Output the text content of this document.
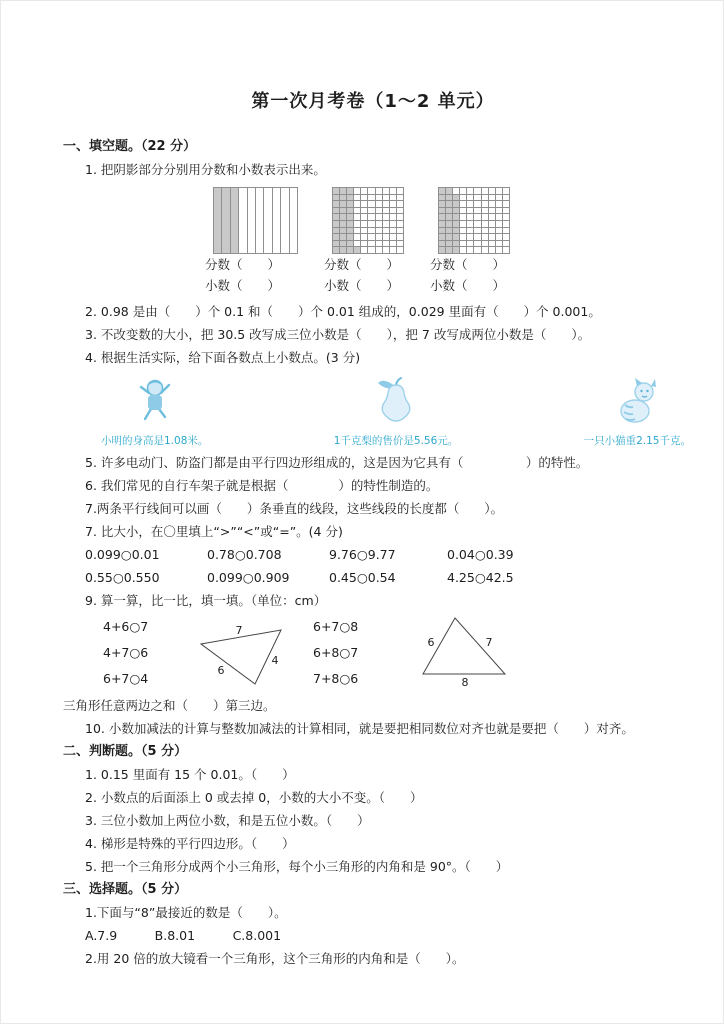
第一次月考卷（1～2 单元）
一、填空题。（22 分）
1. 把阴影部分分别用分数和小数表示出来。
分数（　　）
小数（　　）
分数（　　）
小数（　　）
分数（　　）
小数（　　）
2. 0.98 是由（　　）个 0.1 和（　　）个 0.01 组成的，0.029 里面有（　　）个 0.001。
3. 不改变数的大小，把 30.5 改写成三位小数是（　　），把 7 改写成两位小数是（　　）。
4. 根据生活实际，给下面各数点上小数点。(3 分)
小明的身高是1.08米。	1千克梨的售价是5.56元。	一只小猫重2.15千克。
5. 许多电动门、防盗门都是由平行四边形组成的，这是因为它具有（　　　　　）的特性。
6. 我们常见的自行车架子就是根据（　　　　）的特性制造的。
7.两条平行线间可以画（　　）条垂直的线段，这些线段的长度都（　　）。
7. 比大小，在〇里填上“>”“<”或“=”。(4 分)
0.099○0.01	0.78○0.708	9.76○9.77	0.04○0.39
0.55○0.550	0.099○0.909	0.45○0.54	4.25○42.5
9. 算一算，比一比，填一填。（单位：cm）
4+6○7
4+7○6
6+7○4
7
6
4
6+7○8
6+8○7
7+8○6
6	7
8
三角形任意两边之和（　　）第三边。
10. 小数加减法的计算与整数加减法的计算相同，就是要把相同数位对齐也就是要把（　　）对齐。
二、判断题。（5 分）
1. 0.15 里面有 15 个 0.01。（　　）
2. 小数点的后面添上 0 或去掉 0，小数的大小不变。（　　）
3. 三位小数加上两位小数，和是五位小数。（　　）
4. 梯形是特殊的平行四边形。（　　）
5. 把一个三角形分成两个小三角形，每个小三角形的内角和是 90°。（　　）
三、选择题。（5 分）
1.下面与“8”最接近的数是（　　）。
A.7.9　　　B.8.01　　　C.8.001
2.用 20 倍的放大镜看一个三角形，这个三角形的内角和是（　　）。
